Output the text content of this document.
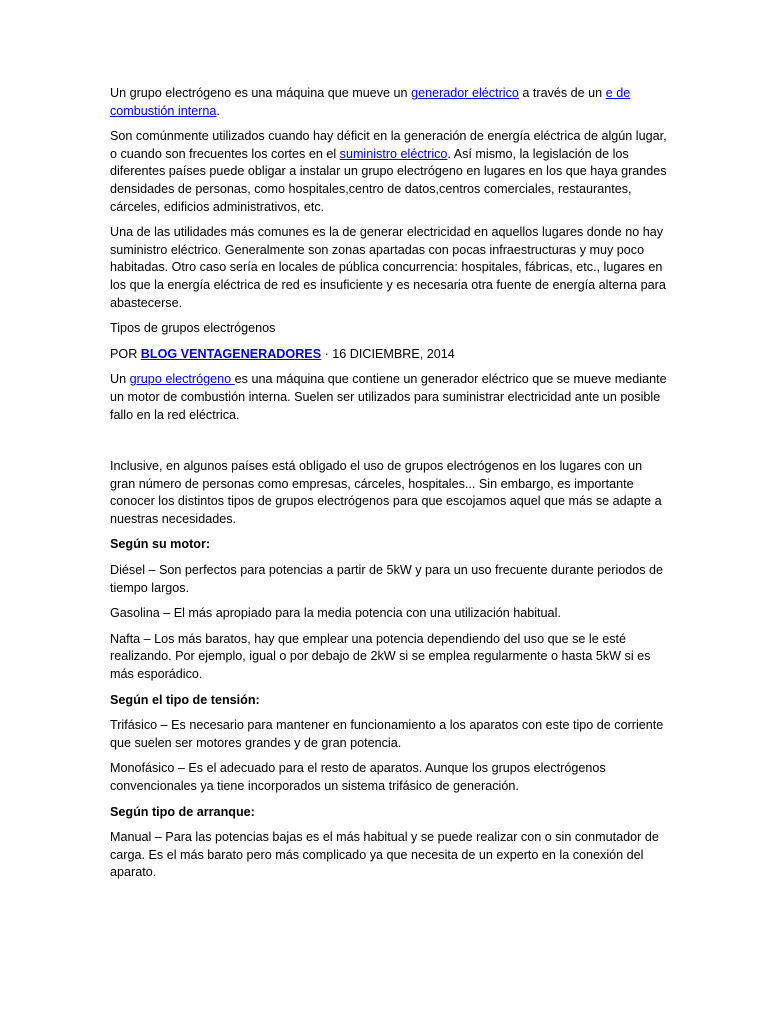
Un grupo electrógeno es una máquina que mueve un generador eléctrico a través de un e de combustión interna.

Son comúnmente utilizados cuando hay déficit en la generación de energía eléctrica de algún lugar, o cuando son frecuentes los cortes en el suministro eléctrico. Así mismo, la legislación de los diferentes países puede obligar a instalar un grupo electrógeno en lugares en los que haya grandes densidades de personas, como hospitales,centro de datos,centros comerciales, restaurantes, cárceles, edificios administrativos, etc.

Una de las utilidades más comunes es la de generar electricidad en aquellos lugares donde no hay suministro eléctrico. Generalmente son zonas apartadas con pocas infraestructuras y muy poco habitadas. Otro caso sería en locales de pública concurrencia: hospitales, fábricas, etc., lugares en los que la energía eléctrica de red es insuficiente y es necesaria otra fuente de energía alterna para abastecerse.

Tipos de grupos electrógenos

POR BLOG VENTAGENERADORES · 16 DICIEMBRE, 2014

Un grupo electrógeno es una máquina que contiene un generador eléctrico que se mueve mediante un motor de combustión interna. Suelen ser utilizados para suministrar electricidad ante un posible fallo en la red eléctrica.

Inclusive, en algunos países está obligado el uso de grupos electrógenos en los lugares con un gran número de personas como empresas, cárceles, hospitales... Sin embargo, es importante conocer los distintos tipos de grupos electrógenos para que escojamos aquel que más se adapte a nuestras necesidades.

Según su motor:

Diésel – Son perfectos para potencias a partir de 5kW y para un uso frecuente durante periodos de tiempo largos.

Gasolina – El más apropiado para la media potencia con una utilización habitual.

Nafta – Los más baratos, hay que emplear una potencia dependiendo del uso que se le esté realizando. Por ejemplo, igual o por debajo de 2kW si se emplea regularmente o hasta 5kW si es más esporádico.

Según el tipo de tensión:

Trifásico – Es necesario para mantener en funcionamiento a los aparatos con este tipo de corriente que suelen ser motores grandes y de gran potencia.

Monofásico – Es el adecuado para el resto de aparatos. Aunque los grupos electrógenos convencionales ya tiene incorporados un sistema trifásico de generación.

Según tipo de arranque:

Manual – Para las potencias bajas es el más habitual y se puede realizar con o sin conmutador de carga. Es el más barato pero más complicado ya que necesita de un experto en la conexión del aparato.
